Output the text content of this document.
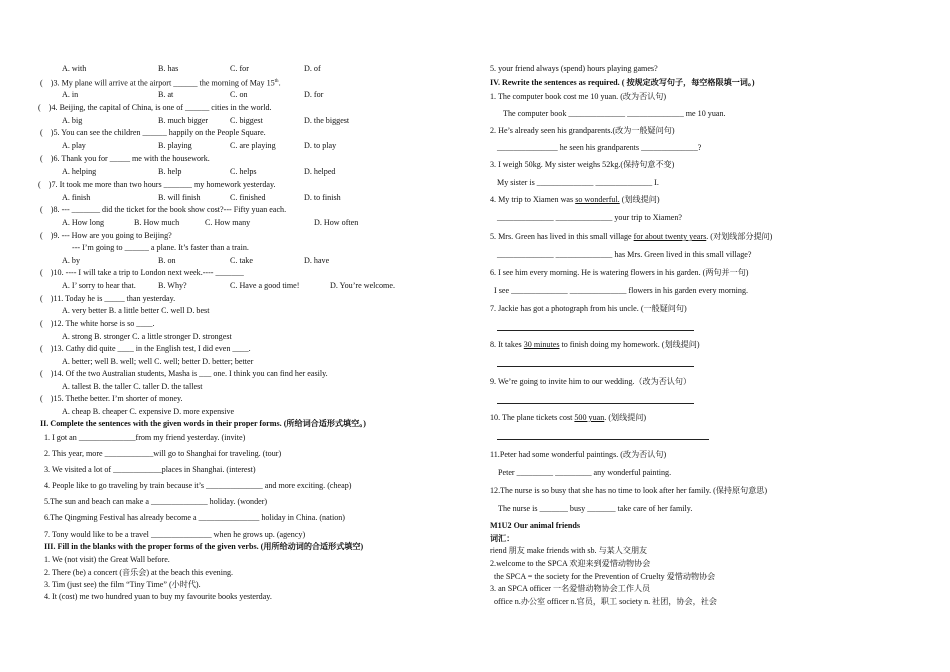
A. with	B. has	C. for	D. of
(　)3. My plane will arrive at the airport ______ the morning of May 15th.
A. in	B. at	C. on	D. for
(　)4. Beijing, the capital of China, is one of ______ cities in the world.
A. big	B. much bigger	C. biggest	D. the biggest
(　)5. You can see the children ______ happily on the People Square.
A. play	B. playing	C. are playing	D. to play
(　)6. Thank you for _____ me with the housework.
A. helping	B. help	C. helps	D. helped
(　)7. It took me more than two hours _______ my homework yesterday.
A. finish	B. will finish	C. finished	D. to finish
(　)8. --- _______ did the ticket for the book show cost?--- Fifty yuan each.
A. How long	B. How much	C. How many	D. How often
(　)9. --- How are you going to Beijing?
--- I’m going to ______ a plane. It’s faster than a train.
A. by	B. on	C. take	D. have
(　)10. ---- I will take a trip to London next week.---- _______
A. I’ sorry to hear that.	B. Why?	C. Have a good time!	D. You’re welcome.
(　)11. Today he is _____ than yesterday.
A. very better B. a little better C. well D. best
(　)12. The white horse is so ____.
A. strong B. stronger C. a little stronger D. strongest
(　)13. Cathy did quite ____ in the English test, I did even ____.
A. better; well B. well; well C. well; better D. better; better
(　)14. Of the two Australian students, Masha is ___ one. I think you can find her easily.
A. tallest B. the taller C. taller D. the tallest
(　)15. Thethe better. I’m shorter of money.
A. cheap B. cheaper C. expensive D. more expensive
II. Complete the sentences with the given words in their proper forms. (所给词合适形式填空。)
1. I got an ______________from my friend yesterday. (invite)
2. This year, more ____________will go to Shanghai for traveling. (tour)
3. We visited a lot of ____________places in Shanghai. (interest)
4. People like to go traveling by train because it’s ______________ and more exciting. (cheap)
5.The sun and beach can make a ______________ holiday. (wonder)
6.The Qingming Festival has already become a _______________ holiday in China. (nation)
7. Tony would like to be a travel _______________ when he grows up. (agency)
III. Fill in the blanks with the proper forms of the given verbs. (用所给动词的合适形式填空)
1. We (not visit) the Great Wall before.
2. There (be) a concert (音乐会) at the beach this evening.
3. Tim (just see) the film “Tiny Time” (小时代).
4. It (cost) me two hundred yuan to buy my favourite books yesterday.
5. your friend always (spend) hours playing games?
IV. Rewrite the sentences as required. ( 按规定改写句子，每空格限填一词。)
1. The computer book cost me 10 yuan. (改为否认句)
The computer book ______________ ______________ me 10 yuan.
2. He’s already seen his grandparents.(改为一般疑问句)
_______________ he seen his grandparents ______________?
3. I weigh 50kg. My sister weighs 52kg.(保持句意不变)
My sister is ______________ ______________ I.
4. My trip to Xiamen was so wonderful. (划线提问)
______________ ______________ your trip to Xiamen?
5. Mrs. Green has lived in this small village for about twenty years. (对划线部分提问)
______________ ______________ has Mrs. Green lived in this small village?
6. I see him every morning. He is watering flowers in his garden. (两句并一句)
I see ______________ ______________ flowers in his garden every morning.
7. Jackie has got a photograph from his uncle. (一般疑问句)
8. It takes 30 minutes to finish doing my homework. (划线提问)
9. We’re going to invite him to our wedding.（改为否认句）
10. The plane tickets cost 500 yuan. (划线提问)
11.Peter had some wonderful paintings. (改为否认句)
Peter _________ _________ any wonderful painting.
12.The nurse is so busy that she has no time to look after her family. (保持原句意思)
The nurse is _______ busy _______ take care of her family.
M1U2 Our animal friends
词汇：
riend 朋友 make friends with sb. 与某人交朋友
2.welcome to the SPCA 欢迎来到爱惜动物协会
the SPCA = the society for the Prevention of Cruelty 爱惜动物协会
3. an SPCA officer 一名爱惜动物协会工作人员
office n.办公室 officer n.官员，职工 society n. 社团，协会，社会
